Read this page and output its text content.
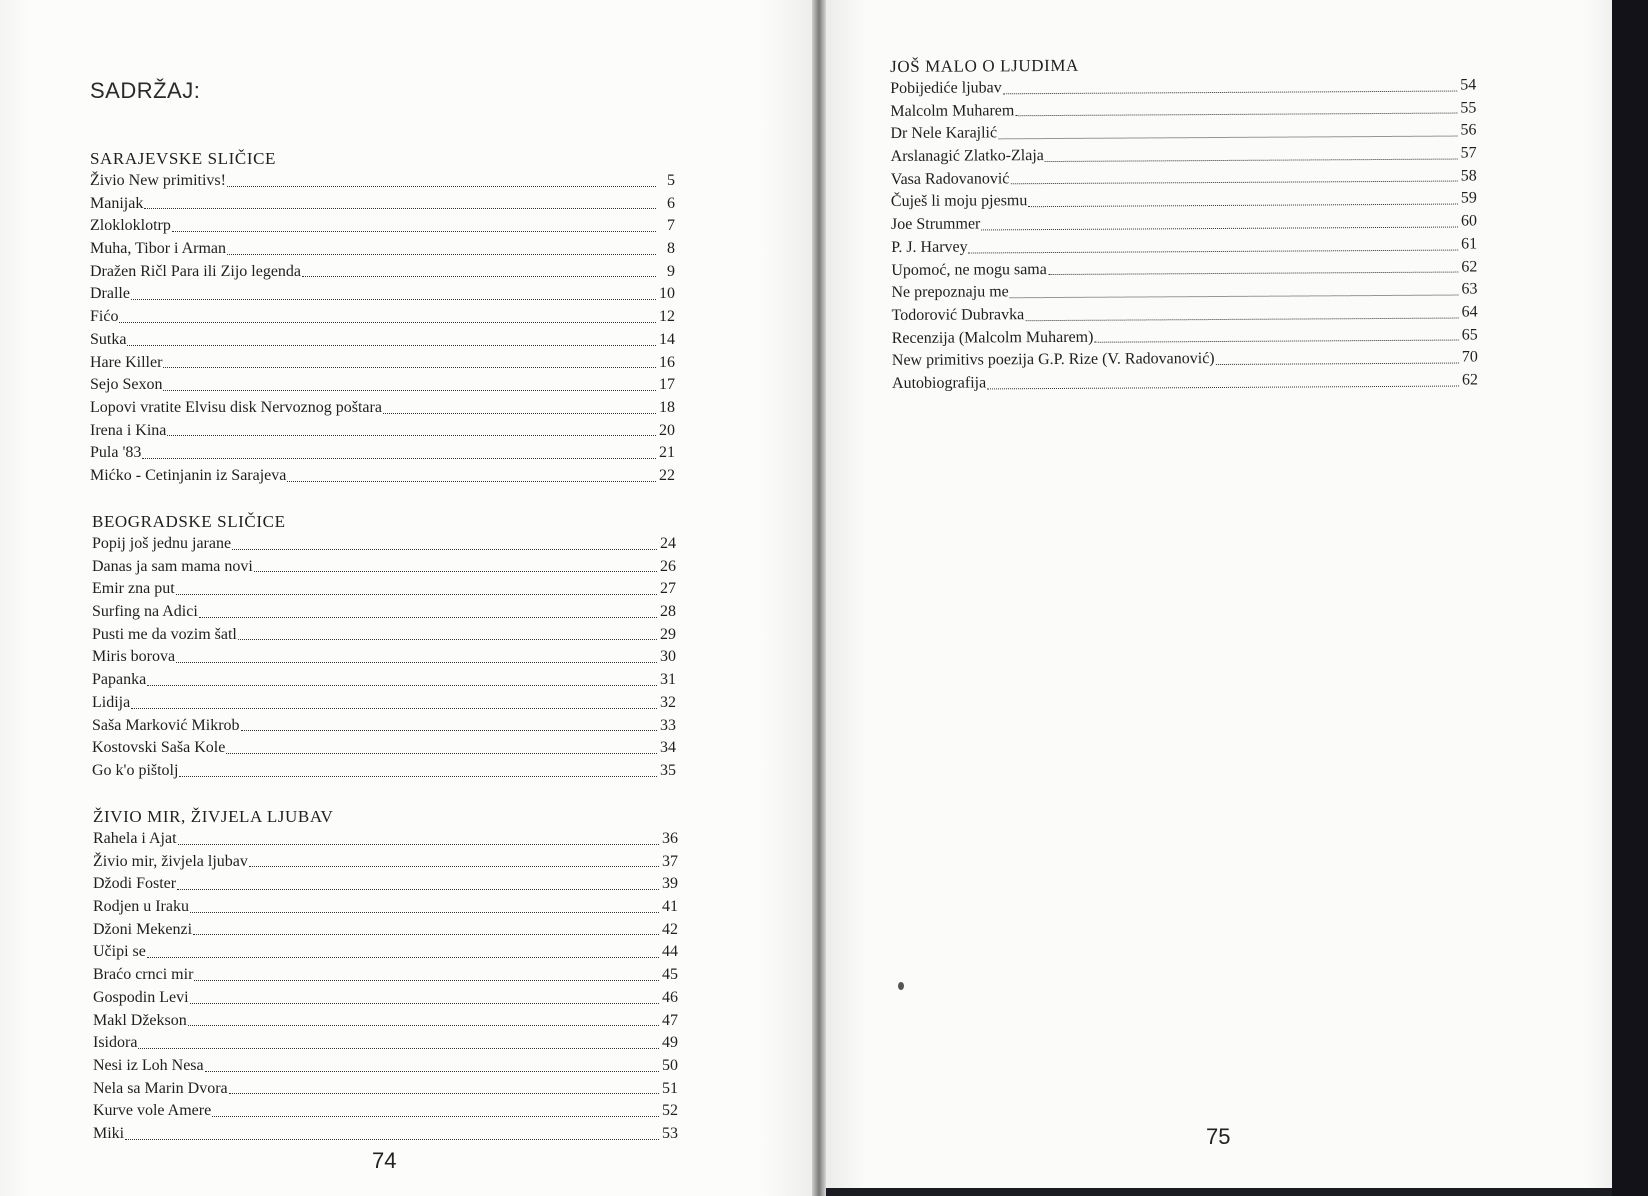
SADRŽAJ:
SARAJEVSKE SLIČICE
Živio New primitivs!	5
Manijak	6
Zlokloklotrp	7
Muha, Tibor i Arman	8
Dražen Ričl Para ili Zijo legenda	9
Dralle	10
Fićo	12
Sutka	14
Hare Killer	16
Sejo Sexon	17
Lopovi vratite Elvisu disk Nervoznog poštara	18
Irena i Kina	20
Pula '83	21
Mićko - Cetinjanin iz Sarajeva	22
BEOGRADSKE SLIČICE
Popij još jednu jarane	24
Danas ja sam mama novi	26
Emir zna put	27
Surfing na Adici	28
Pusti me da vozim šatl	29
Miris borova	30
Papanka	31
Lidija	32
Saša Marković Mikrob	33
Kostovski Saša Kole	34
Go k'o pištolj	35
ŽIVIO MIR, ŽIVJELA LJUBAV
Rahela i Ajat	36
Živio mir, živjela ljubav	37
Džodi Foster	39
Rodjen u Iraku	41
Džoni Mekenzi	42
Učipi se	44
Braćo crnci mir	45
Gospodin Levi	46
Makl Džekson	47
Isidora	49
Nesi iz Loh Nesa	50
Nela sa Marin Dvora	51
Kurve vole Amere	52
Miki	53
74
JOŠ MALO O LJUDIMA
Pobijediće ljubav	54
Malcolm Muharem	55
Dr Nele Karajlić	56
Arslanagić Zlatko-Zlaja	57
Vasa Radovanović	58
Čuješ li moju pjesmu	59
Joe Strummer	60
P. J. Harvey	61
Upomoć, ne mogu sama	62
Ne prepoznaju me	63
Todorović Dubravka	64
Recenzija (Malcolm Muharem)	65
New primitivs poezija G.P. Rize (V. Radovanović)	70
Autobiografija	62
75
